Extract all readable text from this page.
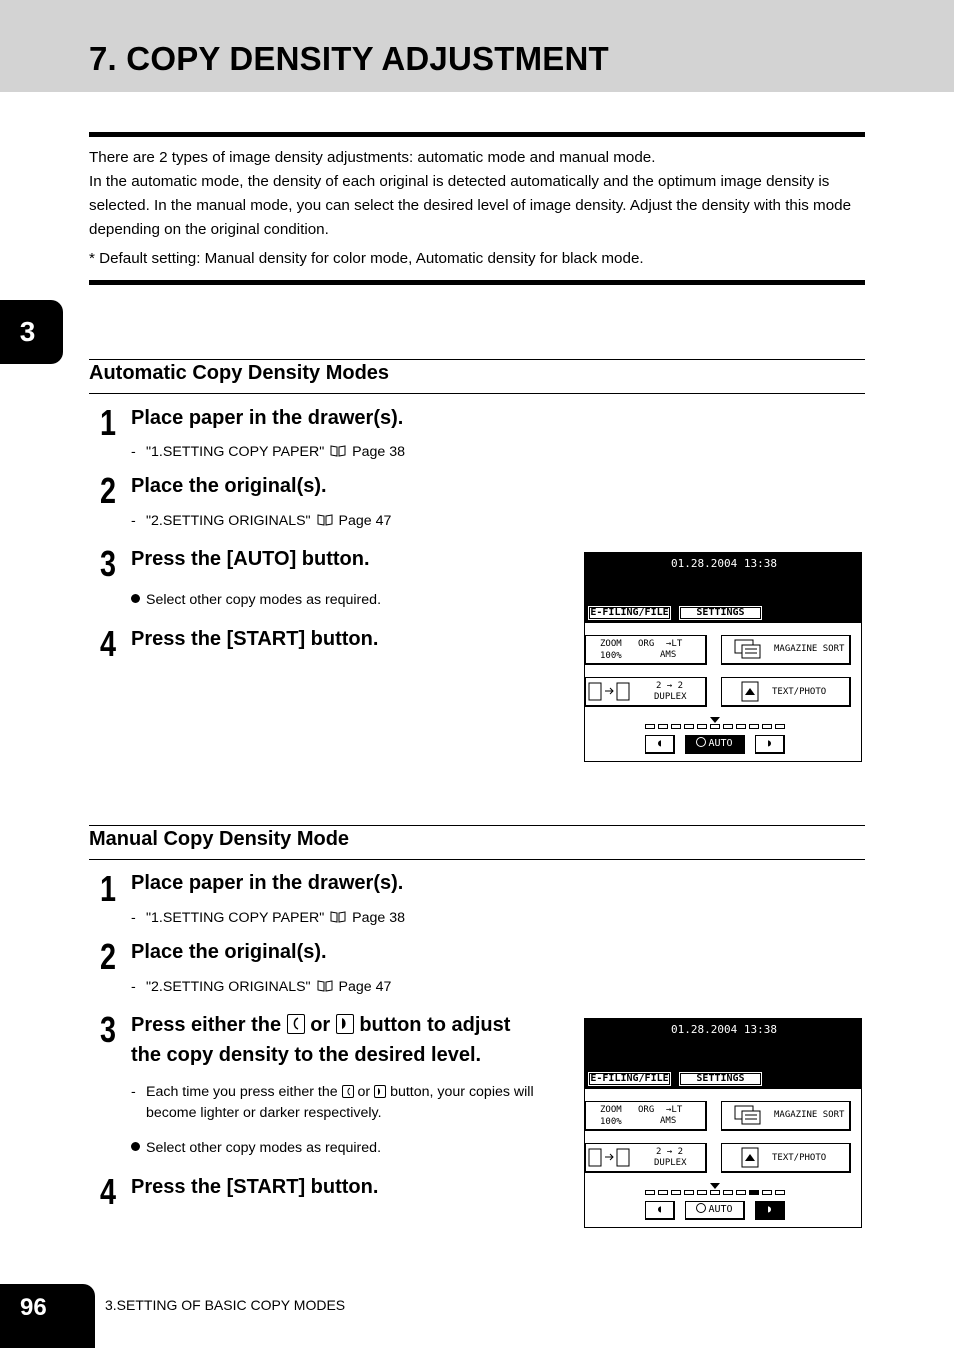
7. COPY DENSITY ADJUSTMENT
3

There are 2 types of image density adjustments: automatic mode and manual mode.

In the automatic mode, the density of each original is detected automatically and the optimum image density is selected. In the manual mode, you can select the desired level of image density. Adjust the density with this mode depending on the original condition.

* Default setting: Manual density for color mode, Automatic density for black mode.

Automatic Copy Density Modes
1 Place paper in the drawer(s).
- "1.SETTING COPY PAPER" Page 38
2 Place the original(s).
- "2.SETTING ORIGINALS" Page 47
3 Press the [AUTO] button.
Select other copy modes as required.
4 Press the [START] button.
01.28.2004 13:38
E-FILING/FILE	SETTINGS
ZOOM
100%
ORG →LT
AMS
MAGAZINE SORT
2 → 2
DUPLEX	TEXT/PHOTO
◖	AUTO	◗
Manual Copy Density Mode
1 Place paper in the drawer(s).
- "1.SETTING COPY PAPER" Page 38
2 Place the original(s).
- "2.SETTING ORIGINALS" Page 47
3 Press either the or button to adjust
the copy density to the desired level.
- Each time you press either the or button, your copies will
become lighter or darker respectively.
Select other copy modes as required.
4 Press the [START] button.
01.28.2004 13:38
E-FILING/FILE	SETTINGS
ZOOM
100%
ORG →LT
AMS
MAGAZINE SORT
2 → 2
DUPLEX	TEXT/PHOTO
◖	AUTO	◗
96	3.SETTING OF BASIC COPY MODES
